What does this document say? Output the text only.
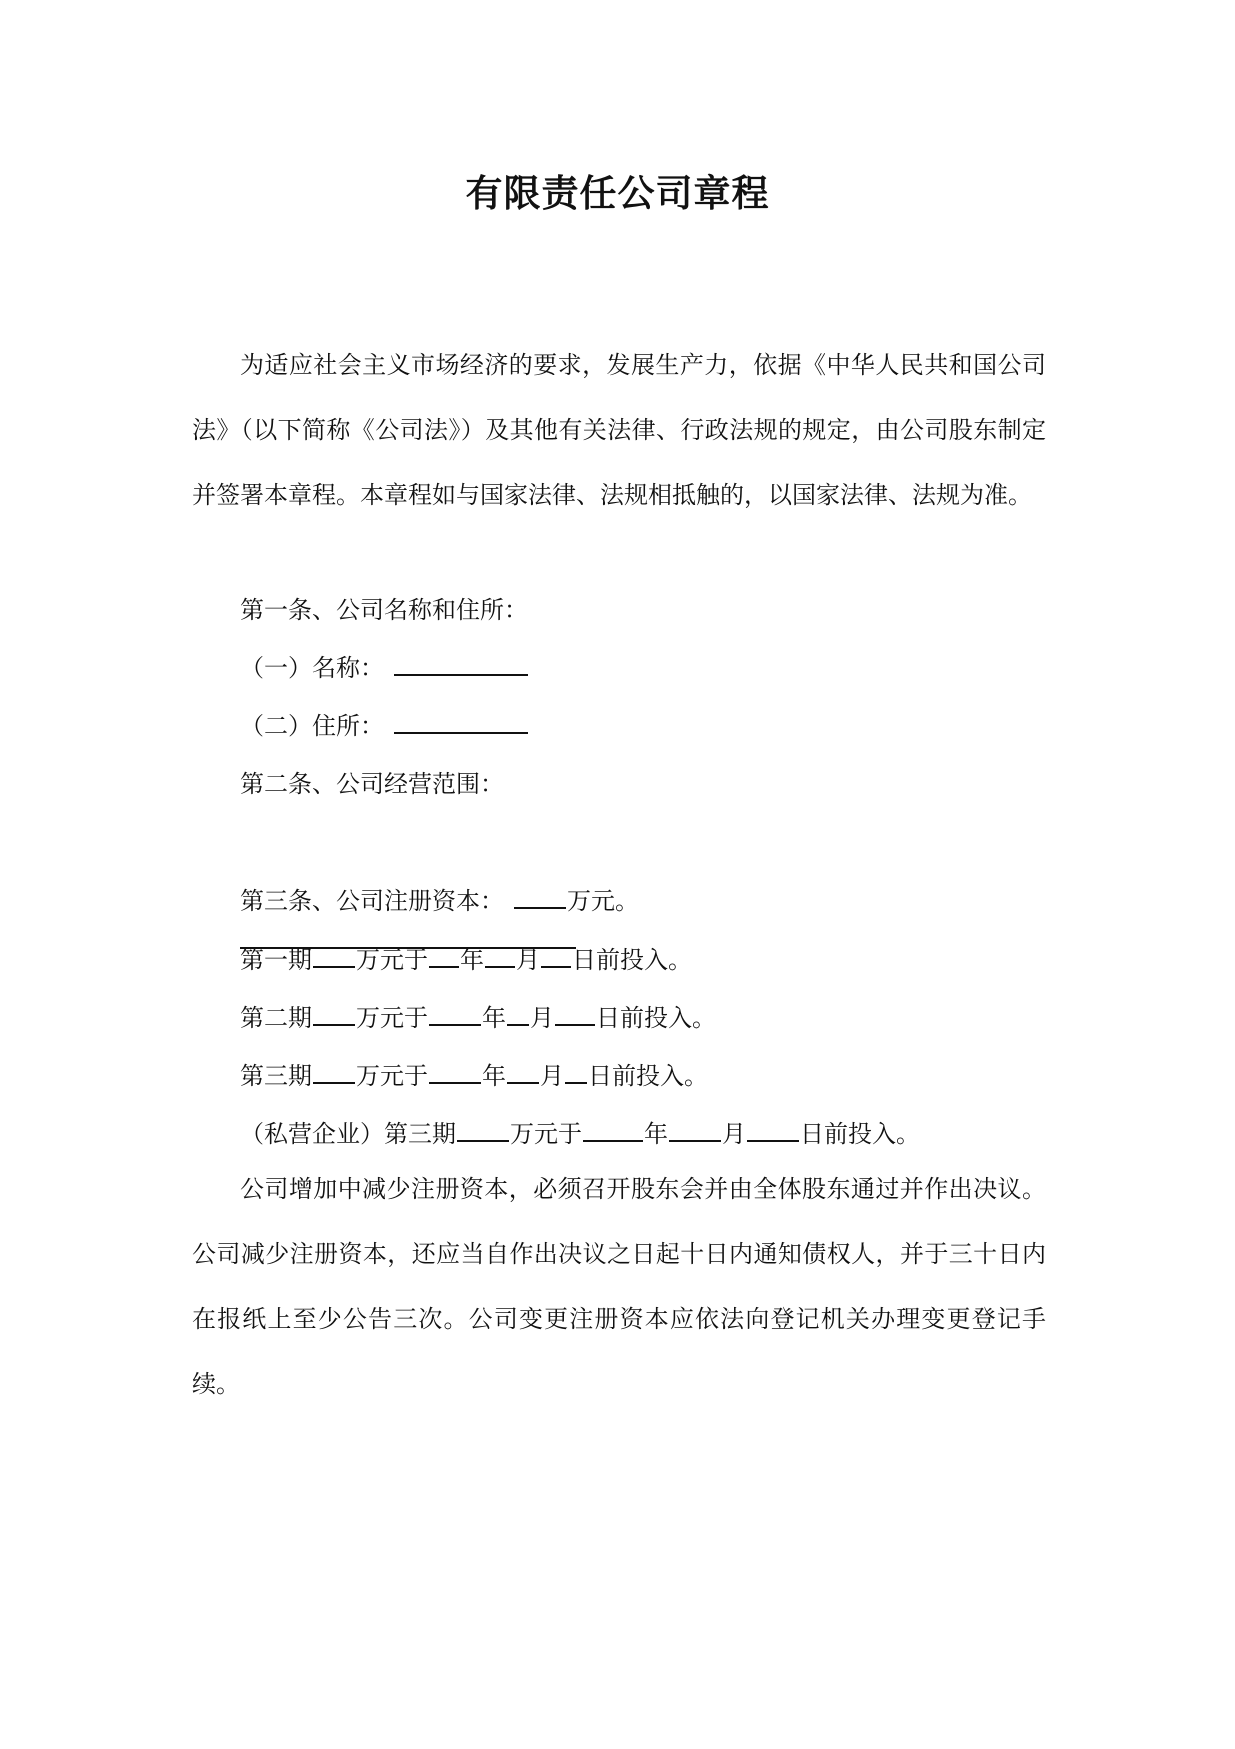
有限责任公司章程
为适应社会主义市场经济的要求，发展生产力，依据《中华人民共和国公司法》（以下简称《公司法》）及其他有关法律、行政法规的规定，由公司股东制定并签署本章程。本章程如与国家法律、法规相抵触的，以国家法律、法规为准。
第一条、公司名称和住所：
（一）名称：
（二）住所：
第二条、公司经营范围：
第三条、公司注册资本：	万元。
第一期 万元于 年 月 日前投入。
第二期 万元于 年 月 日前投入。
第三期 万元于 年 月 日前投入。
（私营企业）第三期 万元于	年 月 日前投入。
公司增加中减少注册资本，必须召开股东会并由全体股东通过并作出决议。公司减少注册资本，还应当自作出决议之日起十日内通知债权人，并于三十日内在报纸上至少公告三次。公司变更注册资本应依法向登记机关办理变更登记手续。
